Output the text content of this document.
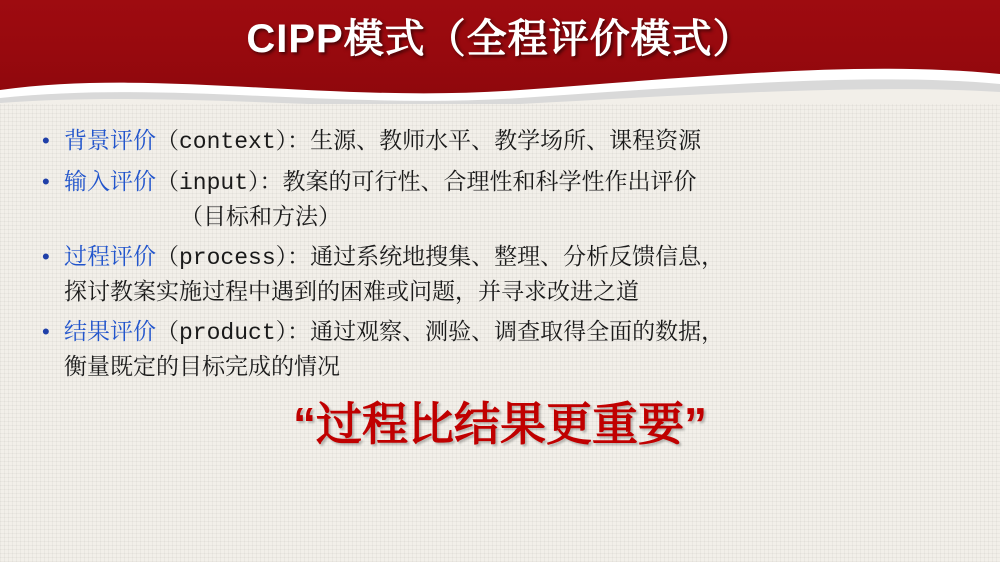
CIPP模式（全程评价模式）
• 背景评价（context）：生源、教师水平、教学场所、课程资源
• 输入评价（input）：教案的可行性、合理性和科学性作出评价
（目标和方法）
• 过程评价（process）：通过系统地搜集、整理、分析反馈信息，
探讨教案实施过程中遇到的困难或问题，并寻求改进之道
• 结果评价（product）：通过观察、测验、调查取得全面的数据，
衡量既定的目标完成的情况
“过程比结果更重要”
